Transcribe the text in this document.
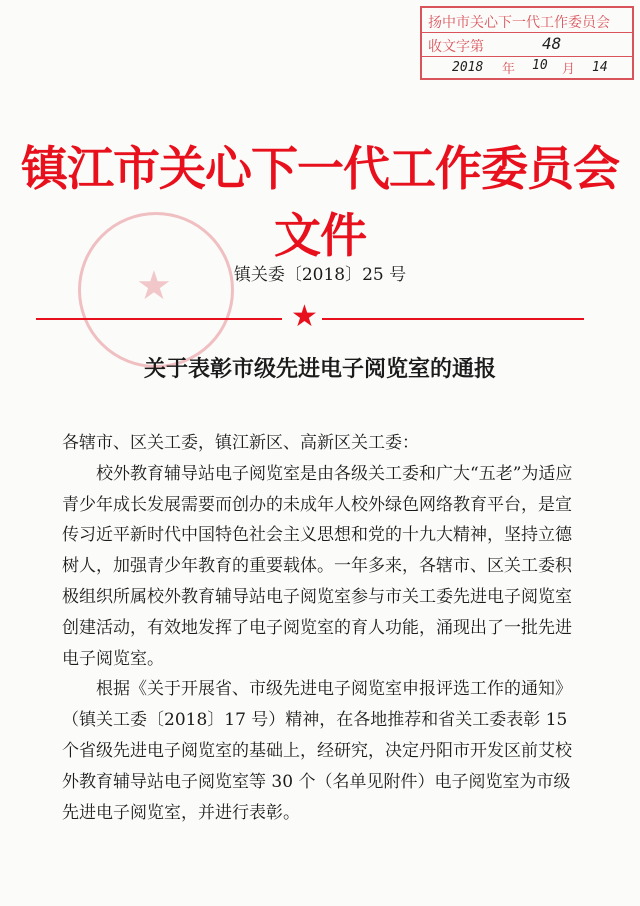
扬中市关心下一代工作委员会
收文字第	48
2018 年 10 月 14
★
镇江市关心下一代工作委员会文件
镇关委〔2018〕25 号
★
关于表彰市级先进电子阅览室的通报

各辖市、区关工委，镇江新区、高新区关工委：

校外教育辅导站电子阅览室是由各级关工委和广大“五老”为适应青少年成长发展需要而创办的未成年人校外绿色网络教育平台，是宣传习近平新时代中国特色社会主义思想和党的十九大精神，坚持立德树人，加强青少年教育的重要载体。一年多来，各辖市、区关工委积极组织所属校外教育辅导站电子阅览室参与市关工委先进电子阅览室创建活动，有效地发挥了电子阅览室的育人功能，涌现出了一批先进电子阅览室。

根据《关于开展省、市级先进电子阅览室申报评选工作的通知》（镇关工委〔2018〕17 号）精神，在各地推荐和省关工委表彰 15 个省级先进电子阅览室的基础上，经研究，决定丹阳市开发区前艾校外教育辅导站电子阅览室等 30 个（名单见附件）电子阅览室为市级先进电子阅览室，并进行表彰。
